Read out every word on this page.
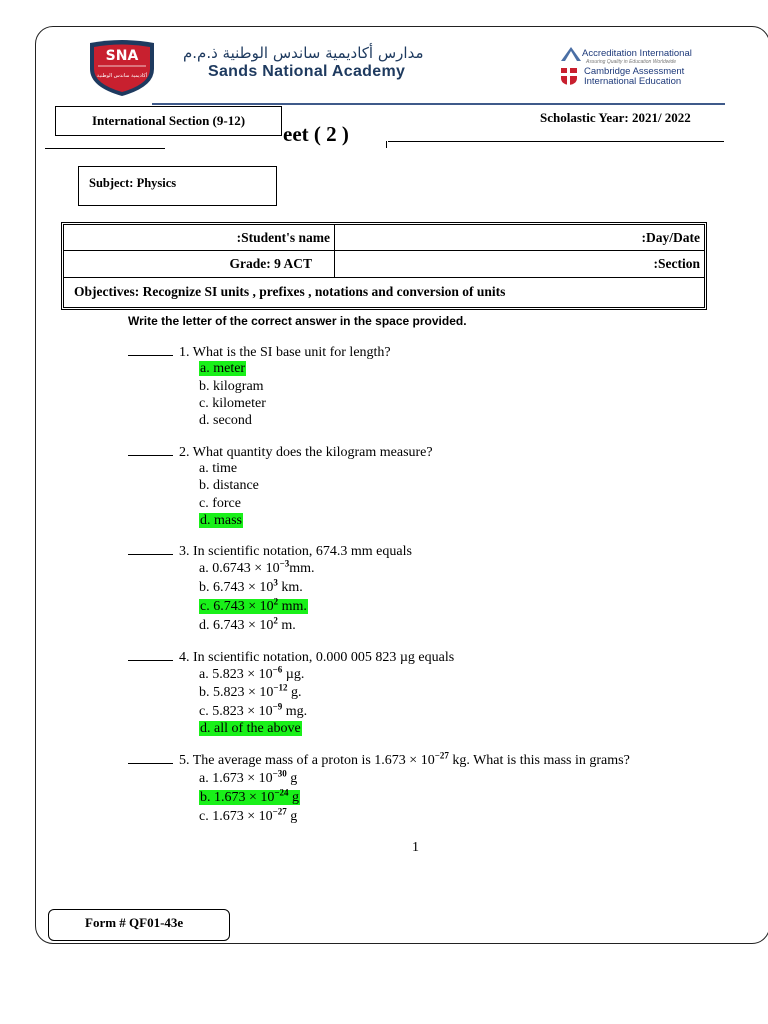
SNA
أكاديمية ساندس الوطنية
مدارس أكاديمية ساندس الوطنية ذ.م.م
Sands National Academy
Accreditation International
Assuring Quality in Education Worldwide
Cambridge Assessment
International Education
eet ( 2 )
International Section (9-12)	Scholastic Year: 2021/ 2022
Subject: Physics
:Student's name	:Day/Date
Grade: 9 ACT	:Section
Objectives: Recognize SI units , prefixes , notations and conversion of units
Write the letter of the correct answer in the space provided.
1. What is the SI base unit for length?
a. meter
b. kilogram
c. kilometer
d. second
2. What quantity does the kilogram measure?
a. time
b. distance
c. force
d. mass
3. In scientific notation, 674.3 mm equals
a. $0.6743 \times 10^{-3}mm$.
b. $6.743 \times 10^3$ km.
c. $6.743 \times 10^2$ mm.
d. $6.743 \times 10^2$ m.
4. In scientific notation, 0.000 005 823 µg equals
a. $5.823 \times 10^{-6}$ µg.
b. $5.823 \times 10^{-12}$ g.
c. $5.823 \times 10^{-9}$ mg.
d. all of the above
5. The average mass of a proton is $1.673 \times 10^{-27}$ kg. What is this mass in grams?
a. $1.673 \times 10^{-30}$ g
b. $1.673 \times 10^{-24}$ g
c. $1.673 \times 10^{-27}$ g
1
Form # QF01-43e
